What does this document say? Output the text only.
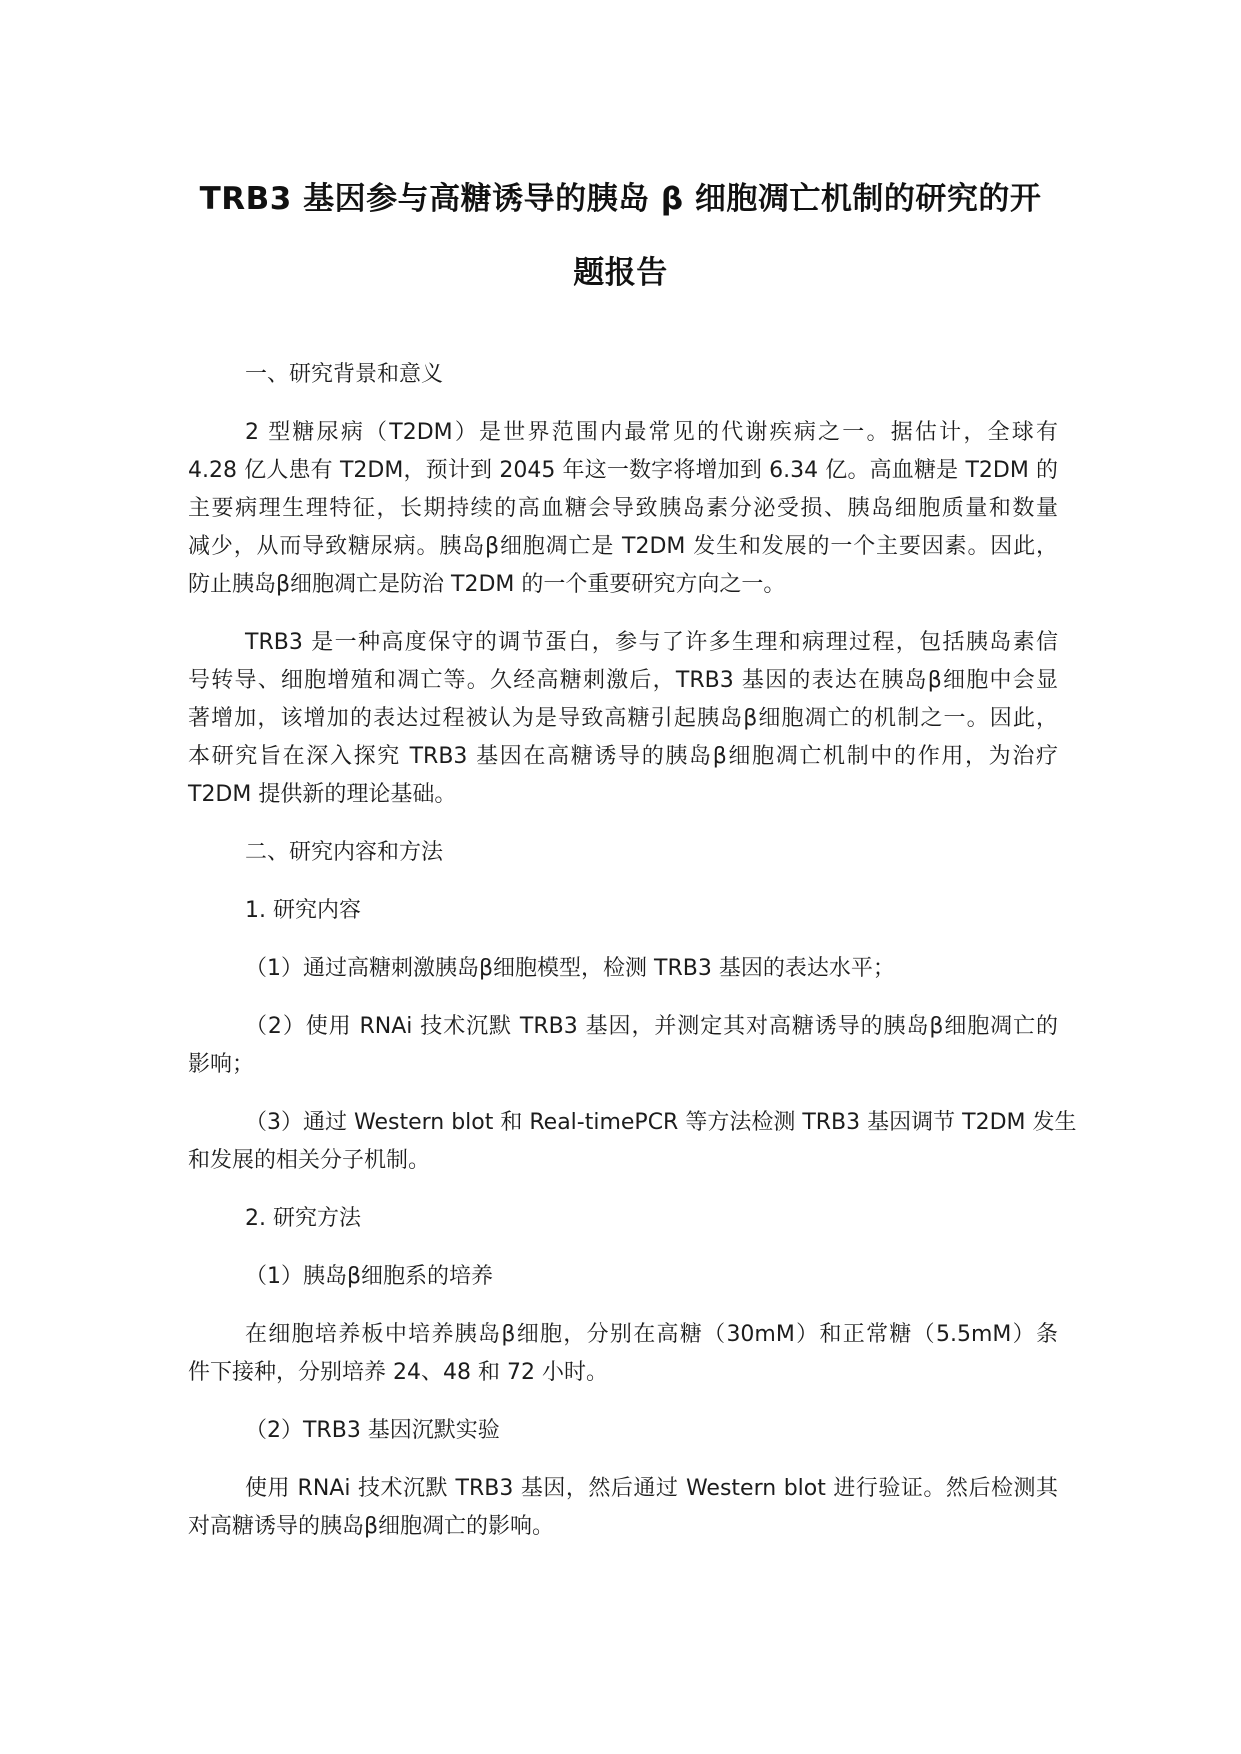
TRB3 基因参与高糖诱导的胰岛 β 细胞凋亡机制的研究的开
题报告
一、研究背景和意义
2 型糖尿病（T2DM）是世界范围内最常见的代谢疾病之一。据估计，全球有
4.28 亿人患有 T2DM，预计到 2045 年这一数字将增加到 6.34 亿。高血糖是 T2DM 的
主要病理生理特征，长期持续的高血糖会导致胰岛素分泌受损、胰岛细胞质量和数量
减少，从而导致糖尿病。胰岛β细胞凋亡是 T2DM 发生和发展的一个主要因素。因此，
防止胰岛β细胞凋亡是防治 T2DM 的一个重要研究方向之一。
TRB3 是一种高度保守的调节蛋白，参与了许多生理和病理过程，包括胰岛素信
号转导、细胞增殖和凋亡等。久经高糖刺激后，TRB3 基因的表达在胰岛β细胞中会显
著增加，该增加的表达过程被认为是导致高糖引起胰岛β细胞凋亡的机制之一。因此，
本研究旨在深入探究 TRB3 基因在高糖诱导的胰岛β细胞凋亡机制中的作用，为治疗
T2DM 提供新的理论基础。
二、研究内容和方法
1. 研究内容
（1）通过高糖刺激胰岛β细胞模型，检测 TRB3 基因的表达水平；
（2）使用 RNAi 技术沉默 TRB3 基因，并测定其对高糖诱导的胰岛β细胞凋亡的
影响；
（3）通过 Western blot 和 Real-timePCR 等方法检测 TRB3 基因调节 T2DM 发生
和发展的相关分子机制。
2. 研究方法
（1）胰岛β细胞系的培养
在细胞培养板中培养胰岛β细胞，分别在高糖（30mM）和正常糖（5.5mM）条
件下接种，分别培养 24、48 和 72 小时。
（2）TRB3 基因沉默实验
使用 RNAi 技术沉默 TRB3 基因，然后通过 Western blot 进行验证。然后检测其
对高糖诱导的胰岛β细胞凋亡的影响。
